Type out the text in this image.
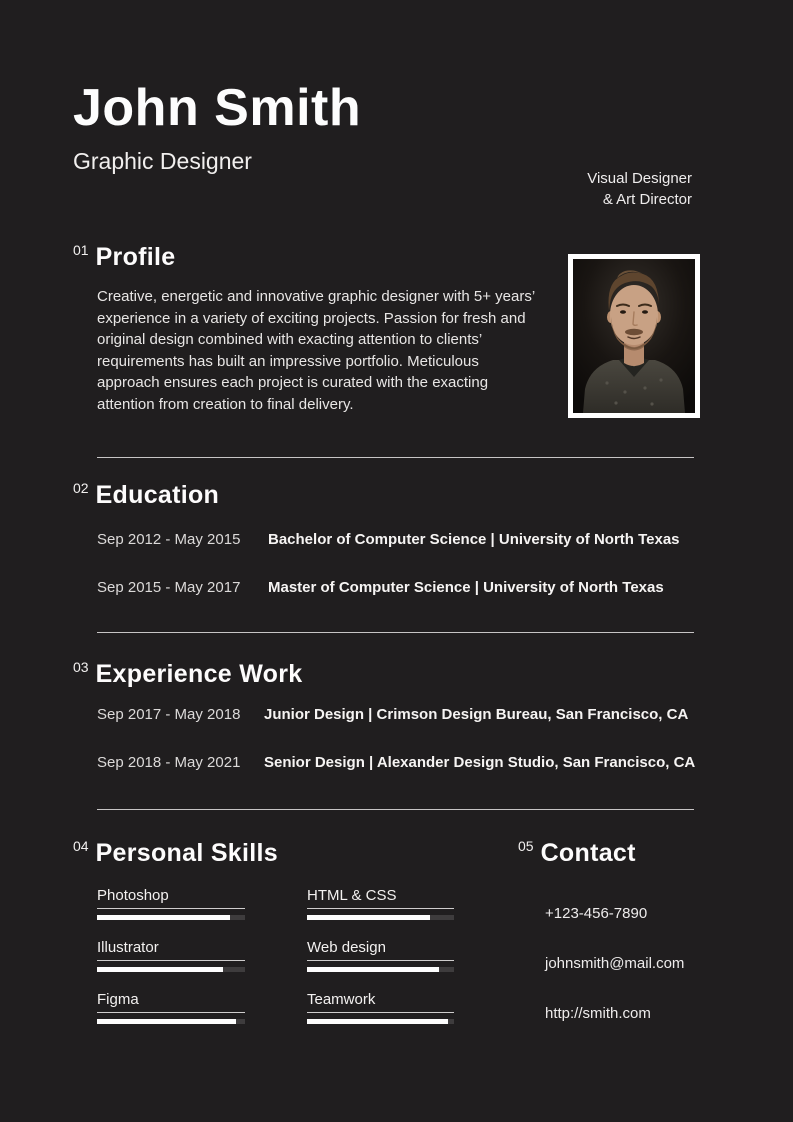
John Smith
Graphic Designer
01 Profile
Creative, energetic and innovative graphic designer with 5+ years’ experience in a variety of exciting projects. Passion for fresh and original design combined with exacting attention to clients’ requirements has built an impressive portfolio. Meticulous approach ensures each project is curated with the exacting attention from creation to final delivery.
02 Education
Sep 2012 - May 2015	Bachelor of Computer Science | University of North Texas
Sep 2015 - May 2017	Master of Computer Science | University of North Texas
03 Experience Work
Sep 2017 - May 2018	Junior Design | Crimson Design Bureau, San Francisco, CA
Sep 2018 - May 2021	Senior Design | Alexander Design Studio, San Francisco, CA
04 Personal Skills
Photoshop	HTML & CSS
Illustrator	Web design
Figma	Teamwork
05 Contact
+123-456-7890
johnsmith@mail.com
http://smith.com
Visual Designer
& Art Director
